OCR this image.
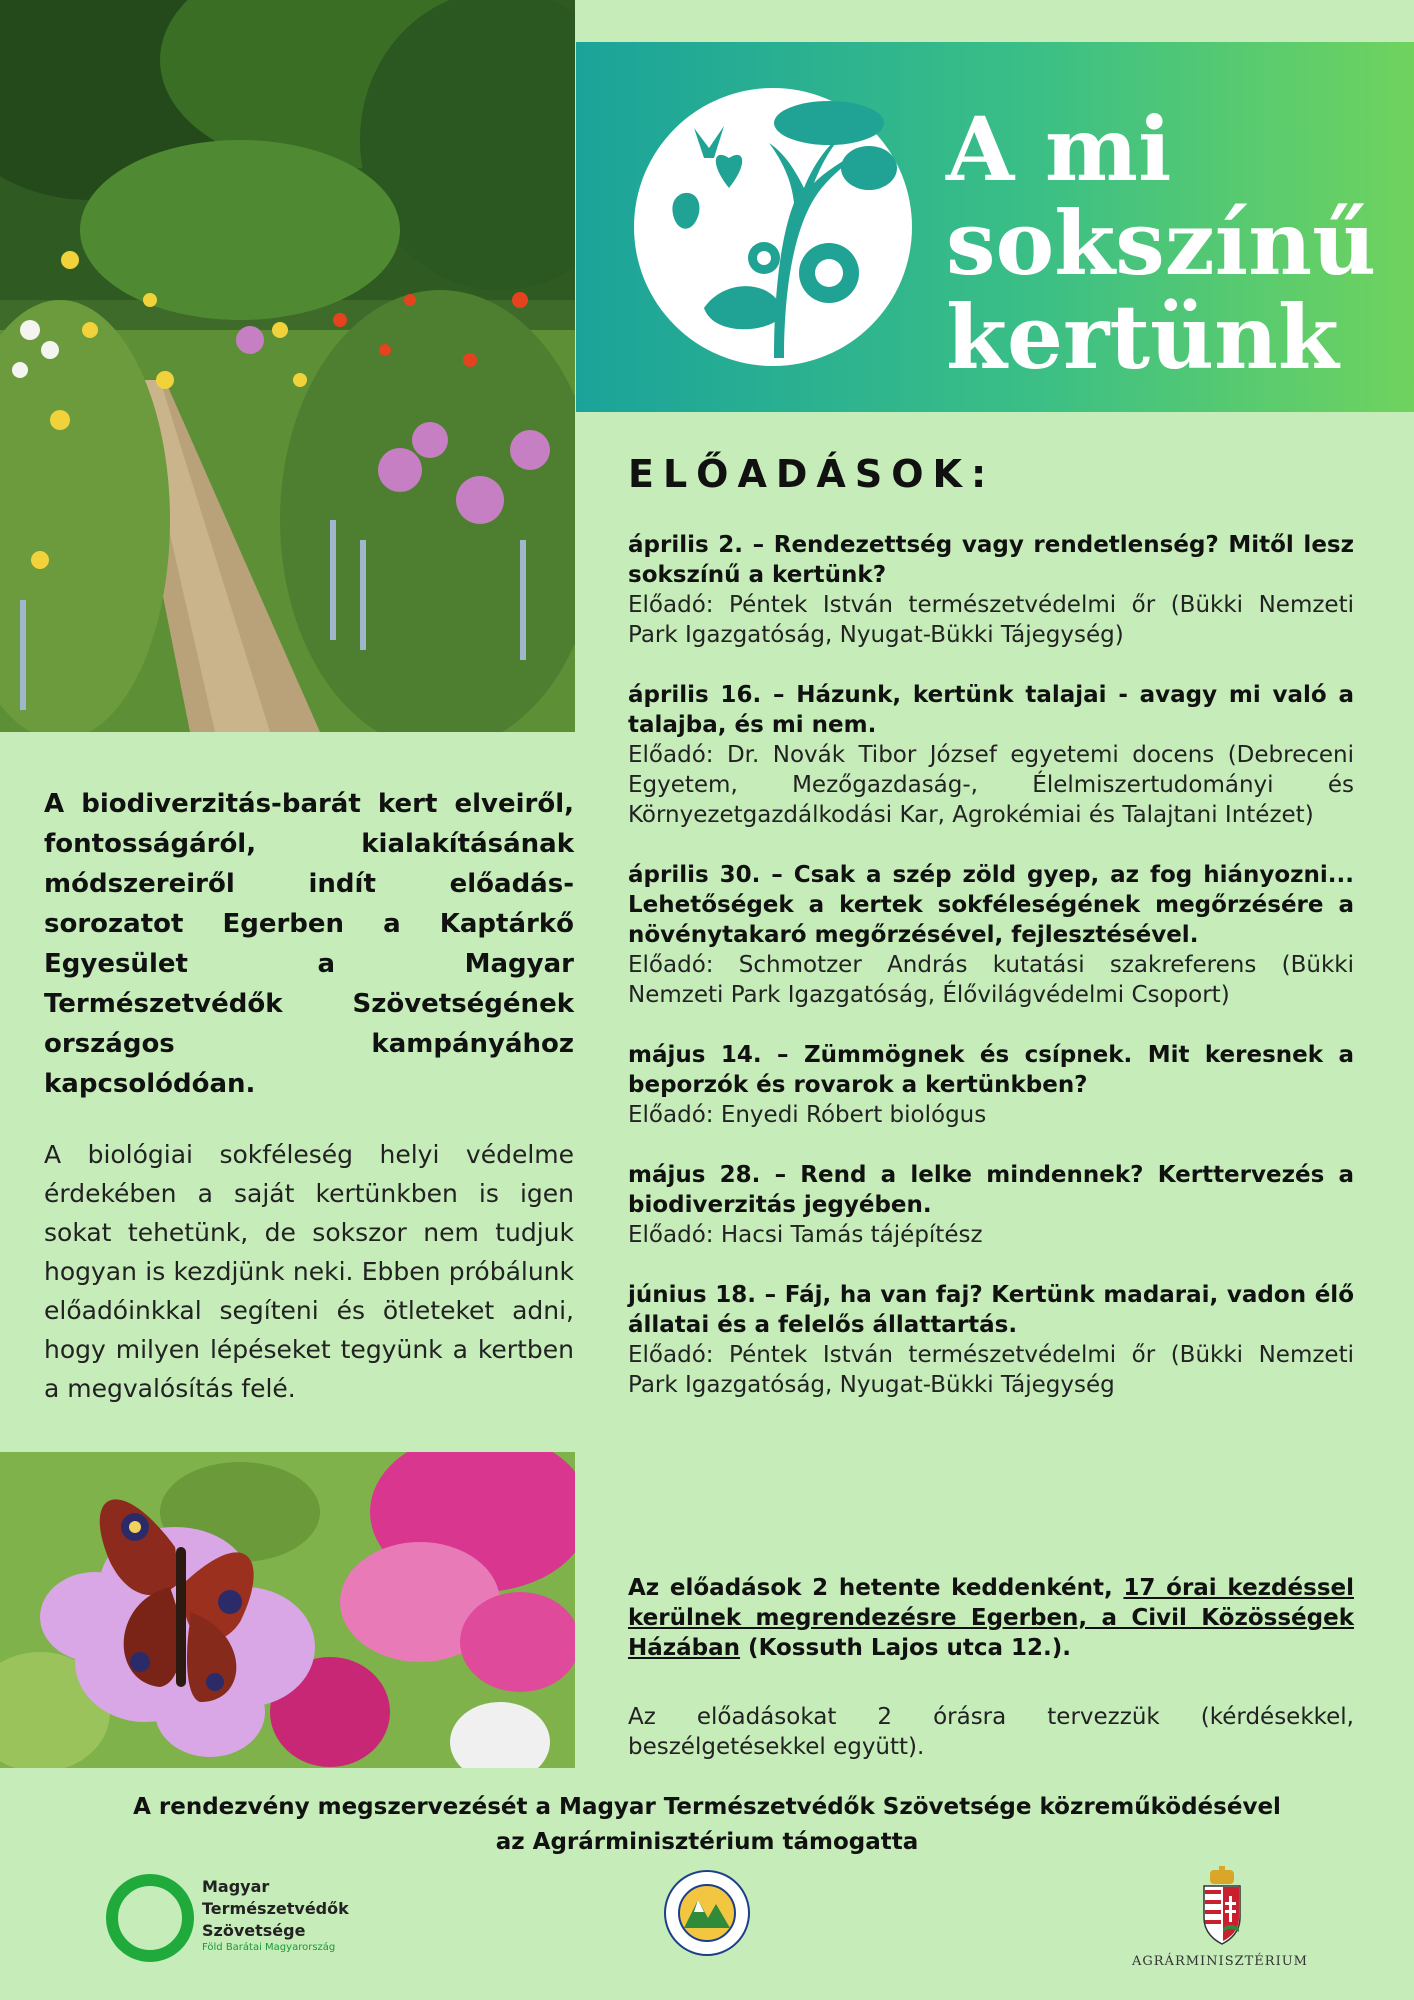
A mi
sokszínű
kertünk
ELŐADÁSOK:

április 2. – Rendezettség vagy rendetlenség? Mitől lesz sokszínű a kertünk?

Előadó: Péntek István természetvédelmi őr (Bükki Nemzeti Park Igazgatóság, Nyugat-Bükki Tájegység)

április 16. – Házunk, kertünk talajai - avagy mi való a talajba, és mi nem.

Előadó: Dr. Novák Tibor József egyetemi docens (Debreceni Egyetem, Mezőgazdaság-, Élelmiszertudományi és Környezetgazdálkodási Kar, Agrokémiai és Talajtani Intézet)

április 30. – Csak a szép zöld gyep, az fog hiányozni... Lehetőségek a kertek sokféleségének megőrzésére a növénytakaró megőrzésével, fejlesztésével.

Előadó: Schmotzer András kutatási szakreferens (Bükki Nemzeti Park Igazgatóság, Élővilágvédelmi Csoport)

május 14. – Zümmögnek és csípnek. Mit keresnek a beporzók és rovarok a kertünkben?

Előadó: Enyedi Róbert biológus

május 28. – Rend a lelke mindennek? Kerttervezés a biodiverzitás jegyében.

Előadó: Hacsi Tamás tájépítész

június 18. – Fáj, ha van faj? Kertünk madarai, vadon élő állatai és a felelős állattartás.

Előadó: Péntek István természetvédelmi őr (Bükki Nemzeti Park Igazgatóság, Nyugat-Bükki Tájegység

Az előadások 2 hetente keddenként, 17 órai kezdéssel kerülnek megrendezésre Egerben, a Civil Közösségek Házában (Kossuth Lajos utca 12.).

Az előadásokat 2 órásra tervezzük (kérdésekkel, beszélgetésekkel együtt).

A biodiverzitás-barát kert elveiről, fontosságáról, kialakításának módszereiről indít előadás-sorozatot Egerben a Kaptárkő Egyesület a Magyar Természetvédők Szövetségének országos kampányához kapcsolódóan.

A biológiai sokféleség helyi védelme érdekében a saját kertünkben is igen sokat tehetünk, de sokszor nem tudjuk hogyan is kezdjünk neki. Ebben próbálunk előadóinkkal segíteni és ötleteket adni, hogy milyen lépéseket tegyünk a kertben a megvalósítás felé.

A rendezvény megszervezését a Magyar Természetvédők Szövetsége közreműködésével
az Agrárminisztérium támogatta
Magyar
Természetvédők
Szövetsége
Föld Barátai Magyarország
AGRÁRMINISZTÉRIUM
